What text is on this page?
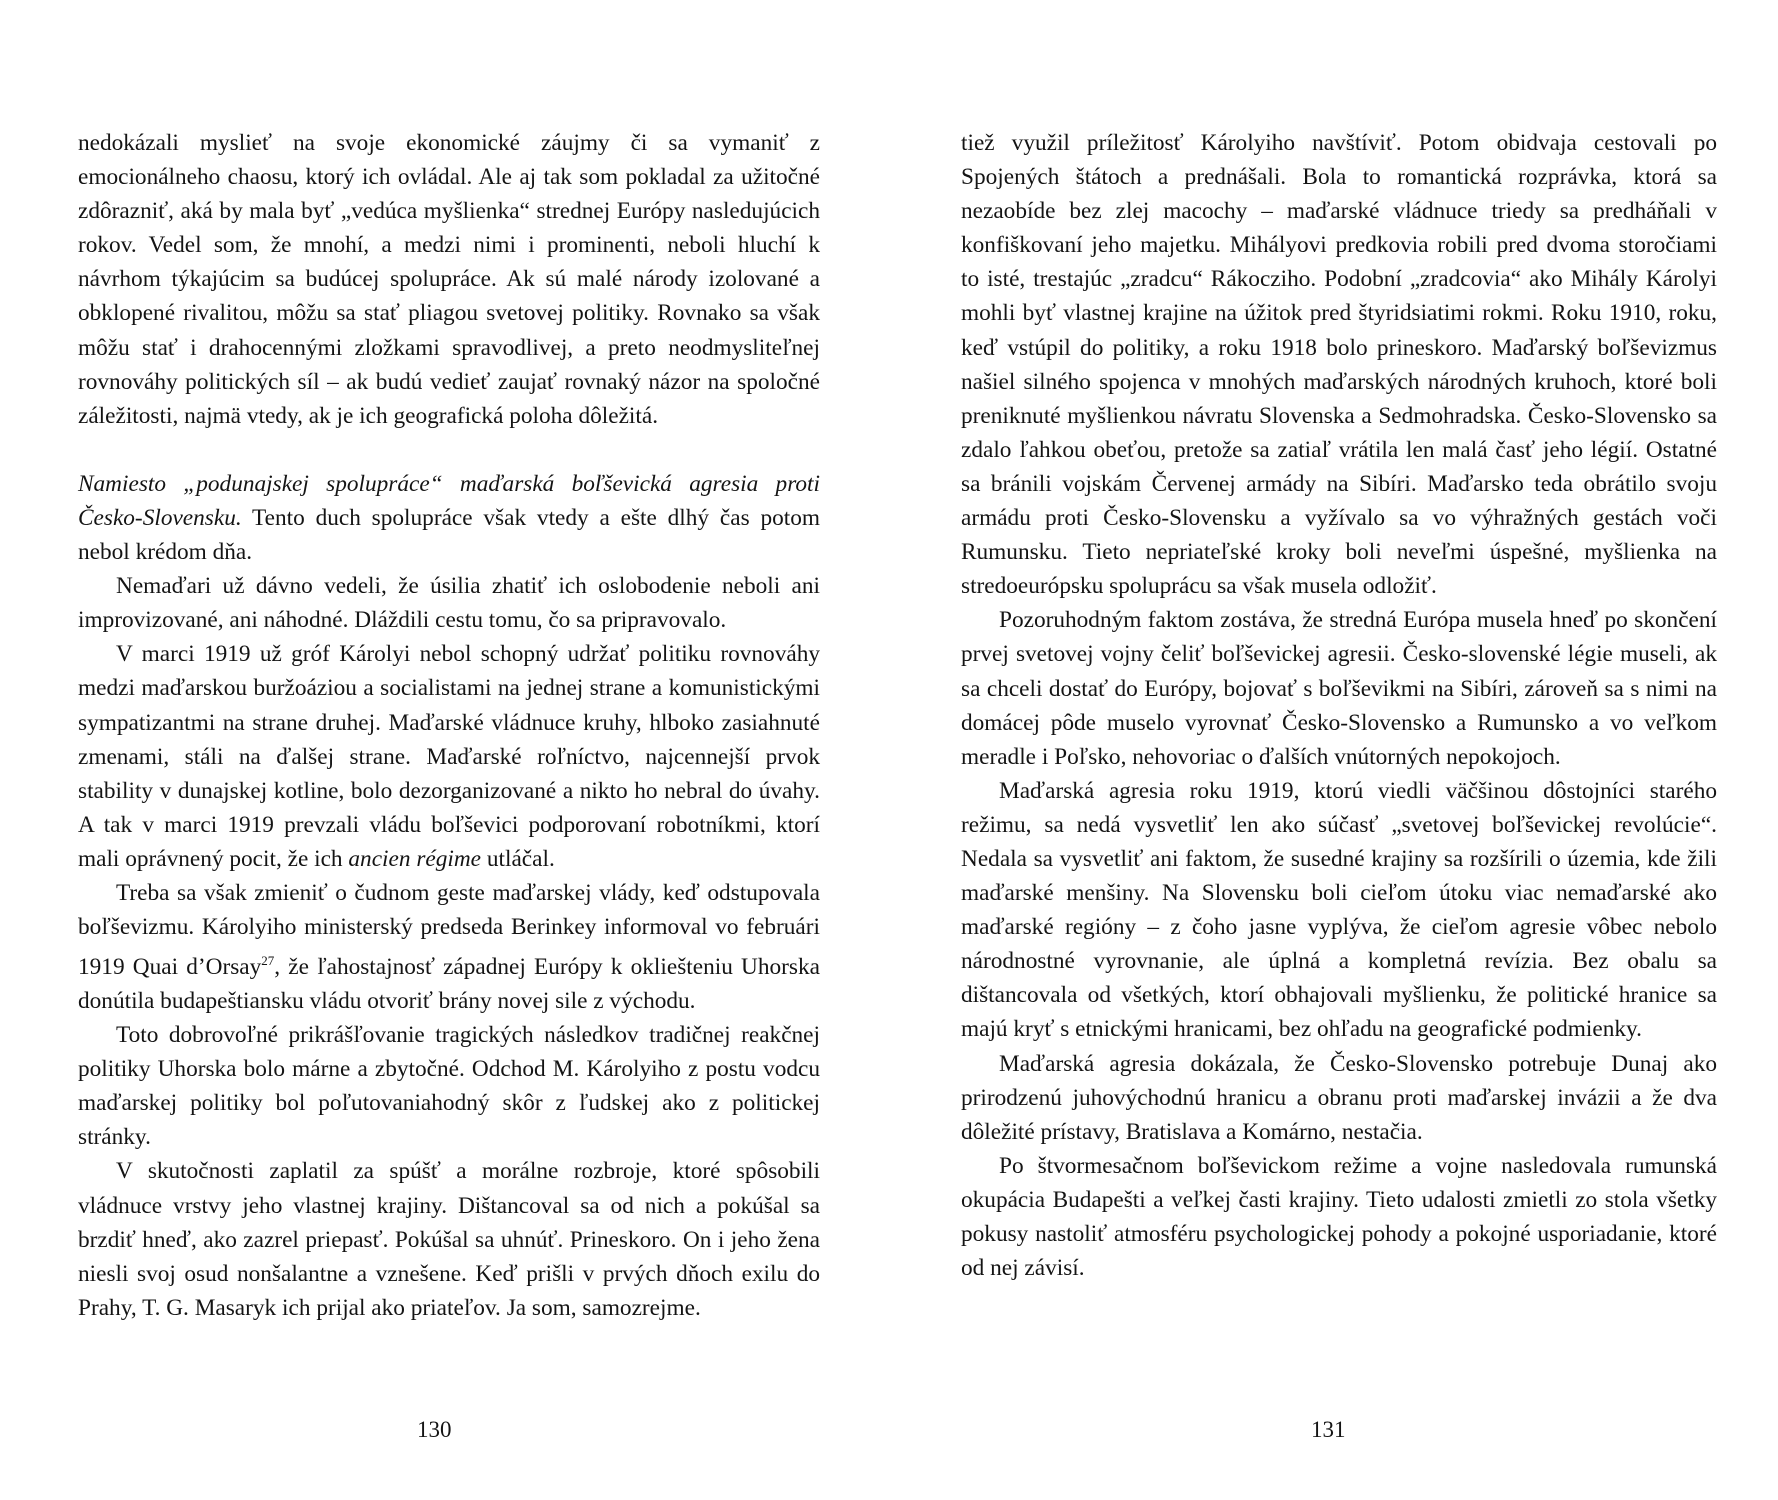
nedokázali myslieť na svoje ekonomické záujmy či sa vymaniť z emocionálneho chaosu, ktorý ich ovládal. Ale aj tak som pokladal za užitočné zdôrazniť, aká by mala byť „vedúca myšlienka“ strednej Európy nasledujúcich rokov. Vedel som, že mnohí, a medzi nimi i prominenti, neboli hluchí k návrhom týkajúcim sa budúcej spolupráce. Ak sú malé národy izolované a obklopené rivalitou, môžu sa stať pliagou svetovej politiky. Rovnako sa však môžu stať i drahocennými zložkami spravodlivej, a preto neodmysliteľnej rovnováhy politických síl – ak budú vedieť zaujať rovnaký názor na spoločné záležitosti, najmä vtedy, ak je ich geografická poloha dôležitá.

Namiesto „podunajskej spolupráce“ maďarská boľševická agresia proti Česko-Slovensku. Tento duch spolupráce však vtedy a ešte dlhý čas potom nebol krédom dňa.

Nemaďari už dávno vedeli, že úsilia zhatiť ich oslobodenie neboli ani improvizované, ani náhodné. Dláždili cestu tomu, čo sa pripravovalo.

V marci 1919 už gróf Károlyi nebol schopný udržať politiku rovnováhy medzi maďarskou buržoáziou a socialistami na jednej strane a komunistickými sympatizantmi na strane druhej. Maďarské vládnuce kruhy, hlboko zasiahnuté zmenami, stáli na ďalšej strane. Maďarské roľníctvo, najcennejší prvok stability v dunajskej kotline, bolo dezorganizované a nikto ho nebral do úvahy. A tak v marci 1919 prevzali vládu boľševici podporovaní robotníkmi, ktorí mali oprávnený pocit, že ich ancien régime utláčal.

Treba sa však zmieniť o čudnom geste maďarskej vlády, keď odstupovala boľševizmu. Károlyiho ministerský predseda Berinkey informoval vo februári 1919 Quai d’Orsay$^{27}$, že ľahostajnosť západnej Európy k okliešteniu Uhorska donútila budapeštiansku vládu otvoriť brány novej sile z východu.

Toto dobrovoľné prikrášľovanie tragických následkov tradičnej reakčnej politiky Uhorska bolo márne a zbytočné. Odchod M. Károlyiho z postu vodcu maďarskej politiky bol poľutovaniahodný skôr z ľudskej ako z politickej stránky.

V skutočnosti zaplatil za spúšť a morálne rozbroje, ktoré spôsobili vládnuce vrstvy jeho vlastnej krajiny. Dištancoval sa od nich a pokúšal sa brzdiť hneď, ako zazrel priepasť. Pokúšal sa uhnúť. Prineskoro. On i jeho žena niesli svoj osud nonšalantne a vznešene. Keď prišli v prvých dňoch exilu do Prahy, T. G. Masaryk ich prijal ako priateľov. Ja som, samozrejme.

130

tiež využil príležitosť Károlyiho navštíviť. Potom obidvaja cestovali po Spojených štátoch a prednášali. Bola to romantická rozprávka, ktorá sa nezaobíde bez zlej macochy – maďarské vládnuce triedy sa predháňali v konfiškovaní jeho majetku. Mihályovi predkovia robili pred dvoma storočiami to isté, trestajúc „zradcu“ Rákocziho. Podobní „zradcovia“ ako Mihály Károlyi mohli byť vlastnej krajine na úžitok pred štyridsiatimi rokmi. Roku 1910, roku, keď vstúpil do politiky, a roku 1918 bolo prineskoro. Maďarský boľševizmus našiel silného spojenca v mnohých maďarských národných kruhoch, ktoré boli preniknuté myšlienkou návratu Slovenska a Sedmohradska. Česko-Slovensko sa zdalo ľahkou obeťou, pretože sa zatiaľ vrátila len malá časť jeho légií. Ostatné sa bránili vojskám Červenej armády na Sibíri. Maďarsko teda obrátilo svoju armádu proti Česko-Slovensku a vyžívalo sa vo výhražných gestách voči Rumunsku. Tieto nepriateľské kroky boli nevеľmi úspešné, myšlienka na stredoeurópsku spoluprácu sa však musela odložiť.

Pozoruhodným faktom zostáva, že stredná Európa musela hneď po skončení prvej svetovej vojny čeliť boľševickej agresii. Česko-slovenské légie museli, ak sa chceli dostať do Európy, bojovať s boľševikmi na Sibíri, zároveň sa s nimi na domácej pôde muselo vyrovnať Česko-Slovensko a Rumunsko a vo veľkom meradle i Poľsko, nehovoriac o ďalších vnútorných nepokojoch.

Maďarská agresia roku 1919, ktorú viedli väčšinou dôstojníci starého režimu, sa nedá vysvetliť len ako súčasť „svetovej boľševickej revolúcie“. Nedala sa vysvetliť ani faktom, že susedné krajiny sa rozšírili o územia, kde žili maďarské menšiny. Na Slovensku boli cieľom útoku viac nemaďarské ako maďarské regióny – z čoho jasne vyplýva, že cieľom agresie vôbec nebolo národnostné vyrovnanie, ale úplná a kompletná revízia. Bez obalu sa dištancovala od všetkých, ktorí obhajovali myšlienku, že politické hranice sa majú kryť s etnickými hranicami, bez ohľadu na geografické podmienky.

Maďarská agresia dokázala, že Česko-Slovensko potrebuje Dunaj ako prirodzenú juhovýchodnú hranicu a obranu proti maďarskej invázii a že dva dôležité prístavy, Bratislava a Komárno, nestačia.

Po štvormesačnom boľševickom režime a vojne nasledovala rumunská okupácia Budapešti a veľkej časti krajiny. Tieto udalosti zmietli zo stola všetky pokusy nastoliť atmosféru psychologickej pohody a pokojné usporiadanie, ktoré od nej závisí.

131
